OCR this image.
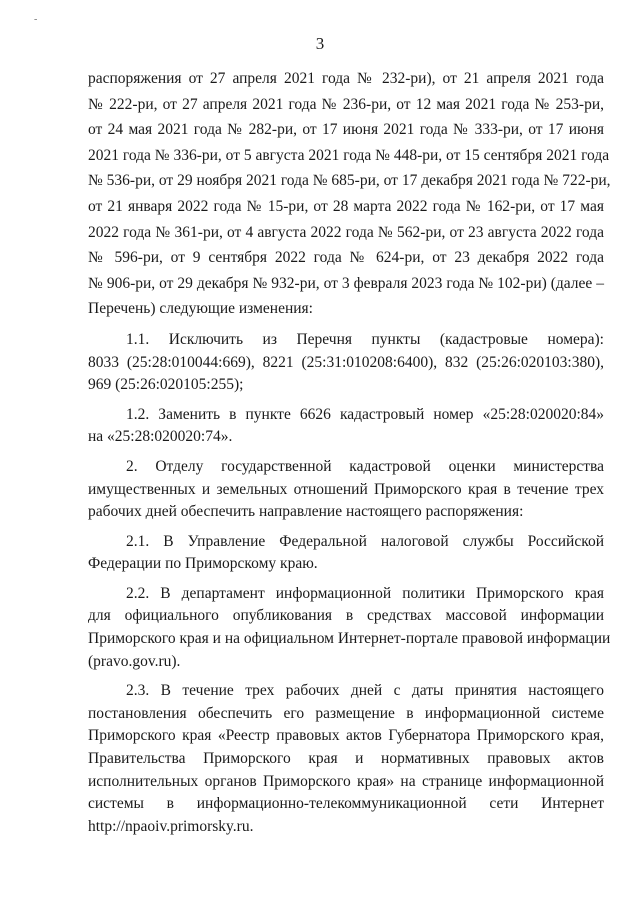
-
3
распоряжения от 27 апреля 2021 года № 232-ри), от 21 апреля 2021 года
№ 222-ри, от 27 апреля 2021 года № 236-ри, от 12 мая 2021 года № 253-ри,
от 24 мая 2021 года № 282-ри, от 17 июня 2021 года № 333-ри, от 17 июня
2021 года № 336-ри, от 5 августа 2021 года № 448-ри, от 15 сентября 2021 года
№ 536-ри, от 29 ноября 2021 года № 685-ри, от 17 декабря 2021 года № 722-ри,
от 21 января 2022 года № 15-ри, от 28 марта 2022 года № 162-ри, от 17 мая
2022 года № 361-ри, от 4 августа 2022 года № 562-ри, от 23 августа 2022 года
№ 596-ри, от 9 сентября 2022 года № 624-ри, от 23 декабря 2022 года
№ 906-ри, от 29 декабря № 932-ри, от 3 февраля 2023 года № 102-ри) (далее –
Перечень) следующие изменения:
1.1. Исключить из Перечня пункты (кадастровые номера):
8033 (25:28:010044:669), 8221 (25:31:010208:6400), 832 (25:26:020103:380),
969 (25:26:020105:255);
1.2. Заменить в пункте 6626 кадастровый номер «25:28:020020:84»
на «25:28:020020:74».
2. Отделу государственной кадастровой оценки министерства
имущественных и земельных отношений Приморского края в течение трех
рабочих дней обеспечить направление настоящего распоряжения:
2.1. В Управление Федеральной налоговой службы Российской
Федерации по Приморскому краю.
2.2. В департамент информационной политики Приморского края
для официального опубликования в средствах массовой информации
Приморского края и на официальном Интернет-портале правовой информации
(pravo.gov.ru).
2.3. В течение трех рабочих дней с даты принятия настоящего
постановления обеспечить его размещение в информационной системе
Приморского края «Реестр правовых актов Губернатора Приморского края,
Правительства Приморского края и нормативных правовых актов
исполнительных органов Приморского края» на странице информационной
системы в информационно-телекоммуникационной сети Интернет
http://npaoiv.primorsky.ru.
